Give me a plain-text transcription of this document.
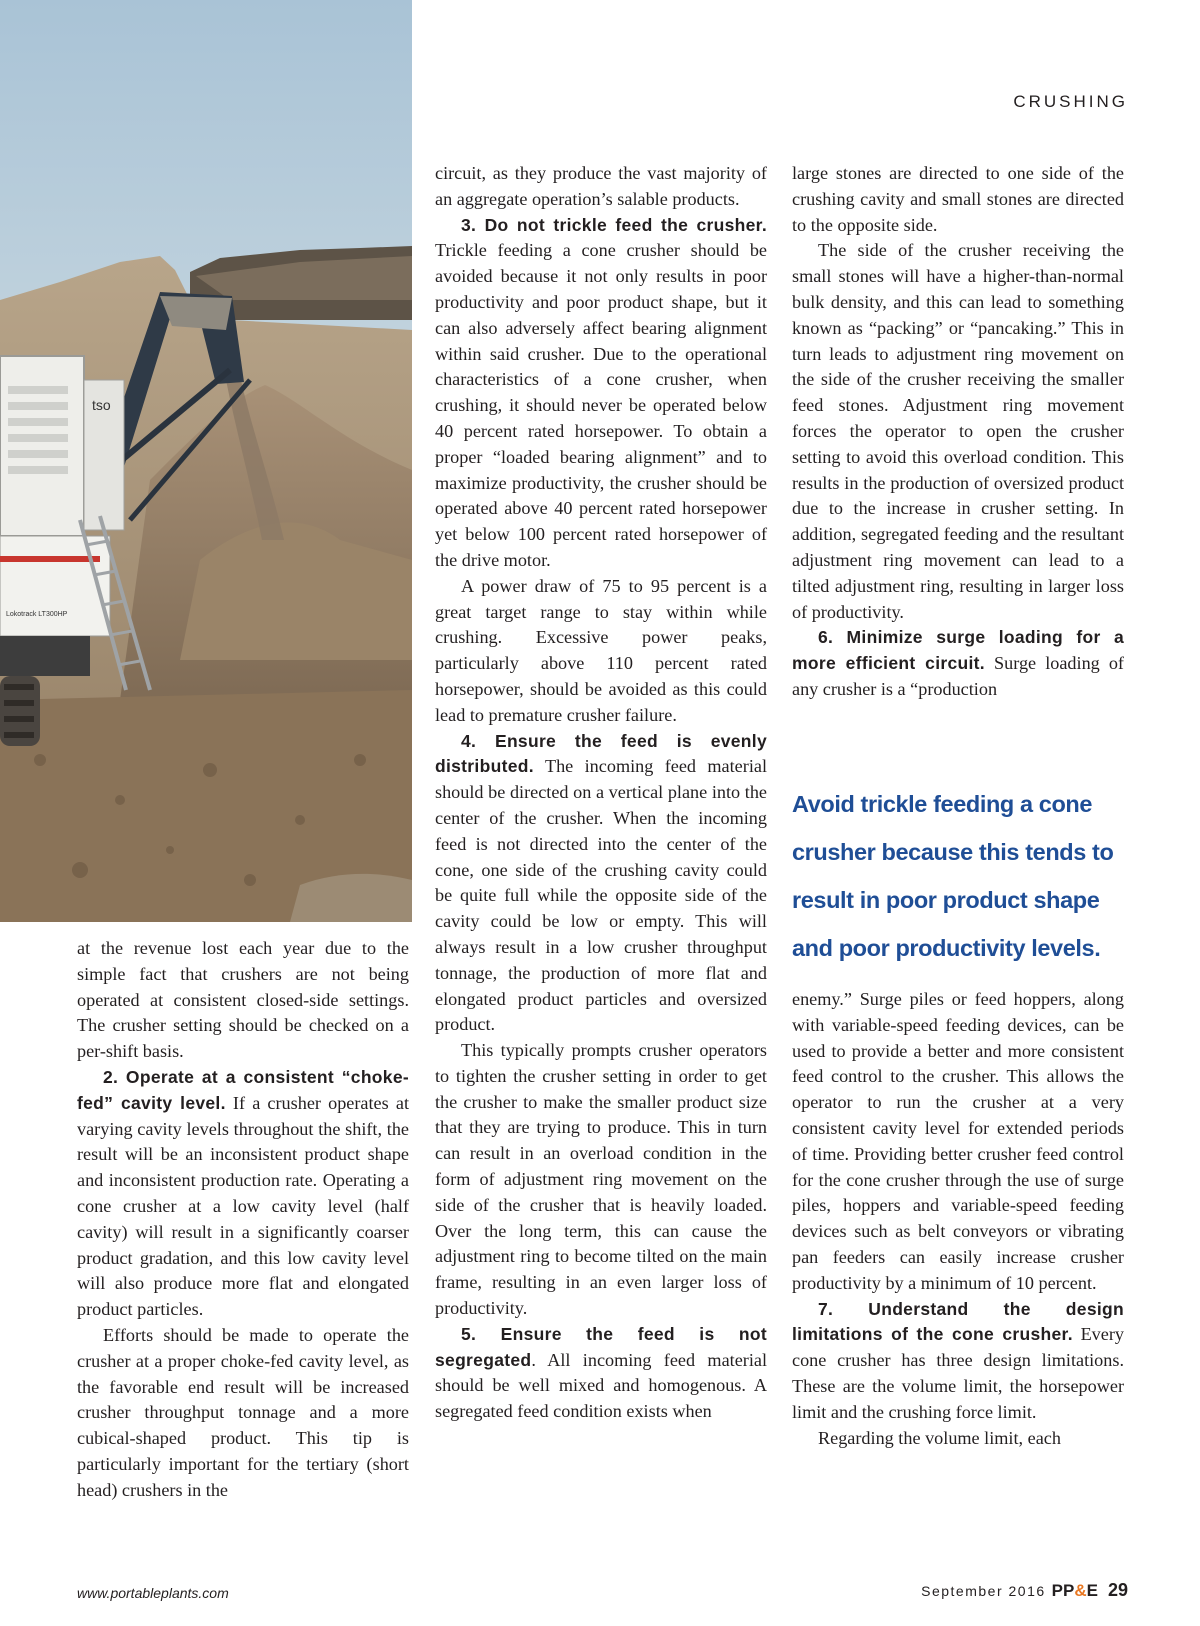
tso
Lokotrack LT300HP
CRUSHING

at the revenue lost each year due to the simple fact that crushers are not being operated at consistent closed-side settings. The crusher setting should be checked on a per-shift basis.

2. Operate at a consistent “choke-fed” cavity level. If a crusher operates at varying cavity levels throughout the shift, the result will be an inconsistent product shape and inconsistent production rate. Operating a cone crusher at a low cavity level (half cavity) will result in a significantly coarser product gradation, and this low cavity level will also produce more flat and elongated product particles.

Efforts should be made to operate the crusher at a proper choke-fed cavity level, as the favorable end result will be increased crusher throughput tonnage and a more cubical-shaped product. This tip is particularly important for the tertiary (short head) crushers in the

circuit, as they produce the vast majority of an aggregate operation’s salable products.

3. Do not trickle feed the crusher. Trickle feeding a cone crusher should be avoided because it not only results in poor productivity and poor product shape, but it can also adversely affect bearing alignment within said crusher. Due to the operational characteristics of a cone crusher, when crushing, it should never be operated below 40 percent rated horsepower. To obtain a proper “loaded bearing alignment” and to maximize productivity, the crusher should be operated above 40 percent rated horsepower yet below 100 percent rated horsepower of the drive motor.

A power draw of 75 to 95 percent is a great target range to stay within while crushing. Excessive power peaks, particularly above 110 percent rated horsepower, should be avoided as this could lead to premature crusher failure.

4. Ensure the feed is evenly distributed. The incoming feed material should be directed on a vertical plane into the center of the crusher. When the incoming feed is not directed into the center of the cone, one side of the crushing cavity could be quite full while the opposite side of the cavity could be low or empty. This will always result in a low crusher throughput tonnage, the production of more flat and elongated product particles and oversized product.

This typically prompts crusher operators to tighten the crusher setting in order to get the crusher to make the smaller product size that they are trying to produce. This in turn can result in an overload condition in the form of adjustment ring movement on the side of the crusher that is heavily loaded. Over the long term, this can cause the adjustment ring to become tilted on the main frame, resulting in an even larger loss of productivity.

5. Ensure the feed is not segregated. All incoming feed material should be well mixed and homogenous. A segregated feed condition exists when

large stones are directed to one side of the crushing cavity and small stones are directed to the opposite side.

The side of the crusher receiving the small stones will have a higher-than-normal bulk density, and this can lead to something known as “packing” or “pancaking.” This in turn leads to adjustment ring movement on the side of the crusher receiving the smaller feed stones. Adjustment ring movement forces the operator to open the crusher setting to avoid this overload condition. This results in the production of oversized product due to the increase in crusher setting. In addition, segregated feeding and the resultant adjustment ring movement can lead to a tilted adjustment ring, resulting in larger loss of productivity.

6. Minimize surge loading for a more efficient circuit. Surge loading of any crusher is a “production

Avoid trickle feeding a cone crusher because this tends to result in poor product shape and poor productivity levels.

enemy.” Surge piles or feed hoppers, along with variable-speed feeding devices, can be used to provide a better and more consistent feed control to the crusher. This allows the operator to run the crusher at a very consistent cavity level for extended periods of time. Providing better crusher feed control for the cone crusher through the use of surge piles, hoppers and variable-speed feeding devices such as belt conveyors or vibrating pan feeders can easily increase crusher productivity by a minimum of 10 percent.

7. Understand the design limitations of the cone crusher. Every cone crusher has three design limitations. These are the volume limit, the horsepower limit and the crushing force limit.

Regarding the volume limit, each

www.portableplants.com	September 2016 PP&E 29
